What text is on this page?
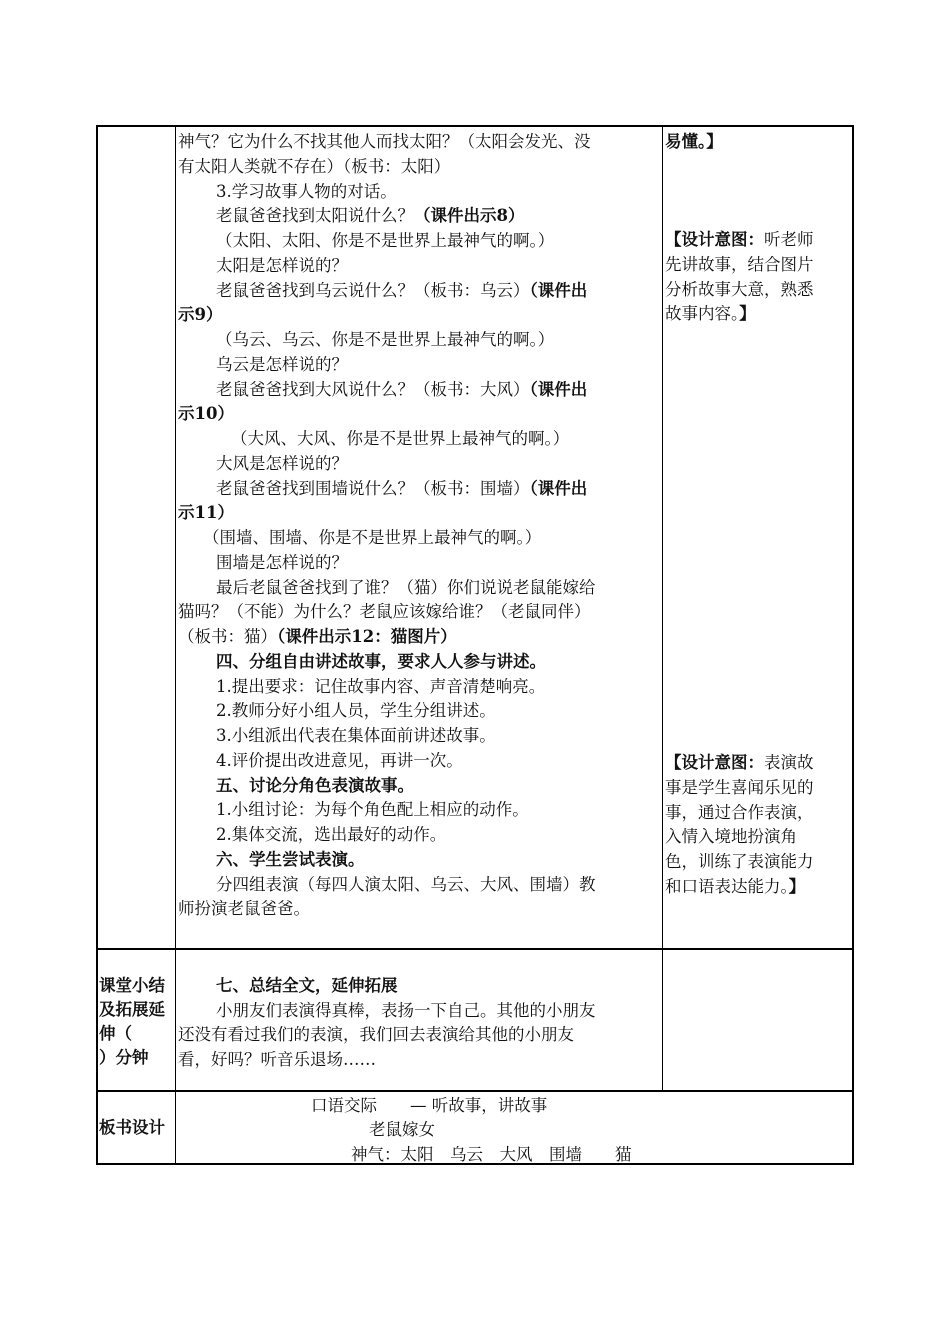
神气？它为什么不找其他人而找太阳？（太阳会发光、没
有太阳人类就不存在）（板书：太阳）
3.学习故事人物的对话。
老鼠爸爸找到太阳说什么？（课件出示8）
（太阳、太阳、你是不是世界上最神气的啊。）
太阳是怎样说的？
老鼠爸爸找到乌云说什么？（板书：乌云）（课件出
示9）
（乌云、乌云、你是不是世界上最神气的啊。）
乌云是怎样说的？
老鼠爸爸找到大风说什么？（板书：大风）（课件出
示10）
（大风、大风、你是不是世界上最神气的啊。）
大风是怎样说的？
老鼠爸爸找到围墙说什么？（板书：围墙）（课件出
示11）
（围墙、围墙、你是不是世界上最神气的啊。）
围墙是怎样说的？
最后老鼠爸爸找到了谁？（猫）你们说说老鼠能嫁给
猫吗？（不能）为什么？老鼠应该嫁给谁？（老鼠同伴）
（板书：猫）（课件出示12：猫图片）
四、分组自由讲述故事，要求人人参与讲述。
1.提出要求：记住故事内容、声音清楚响亮。
2.教师分好小组人员，学生分组讲述。
3.小组派出代表在集体面前讲述故事。
4.评价提出改进意见，再讲一次。
五、讨论分角色表演故事。
1.小组讨论：为每个角色配上相应的动作。
2.集体交流，选出最好的动作。
六、学生尝试表演。
分四组表演（每四人演太阳、乌云、大风、围墙）教
师扮演老鼠爸爸。
易懂。】
【设计意图：听老师
先讲故事，结合图片
分析故事大意，熟悉
故事内容。】
【设计意图：表演故
事是学生喜闻乐见的
事，通过合作表演，
入情入境地扮演角
色，训练了表演能力
和口语表达能力。】
课堂小结
及拓展延
伸（
）分钟
七、总结全文，延伸拓展
小朋友们表演得真棒，表扬一下自己。其他的小朋友
还没有看过我们的表演，我们回去表演给其他的小朋友
看，好吗？听音乐退场……
板书设计
口语交际　　— 听故事，讲故事
老鼠嫁女
神气：太阳　乌云　大风　围墙　　猫
